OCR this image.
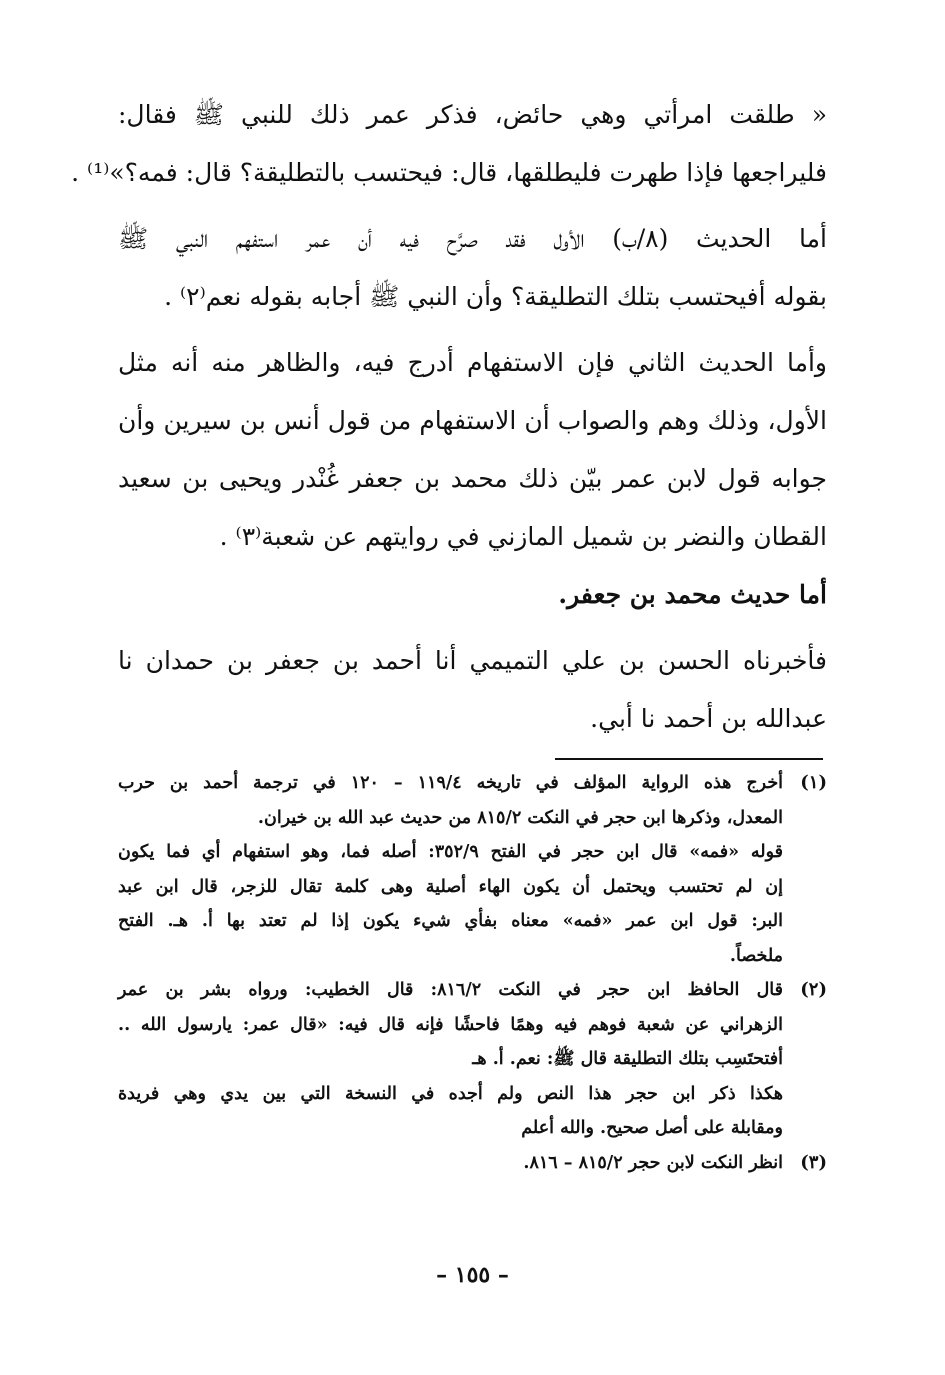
« طلقت امرأتي وهي حائض، فذكر عمر ذلك للنبي ﷺ فقال:

فليراجعها فإذا طهرت فليطلقها، قال: فيحتسب بالتطليقة؟ قال: فمه؟»⁽¹⁾ .

أما الحديث (٨/ب) الأول فقد صرَّح فيه أن عمر استفهم النبي ﷺ

بقوله أفيحتسب بتلك التطليقة؟ وأن النبي ﷺ أجابه بقوله نعم⁽٢⁾ .

وأما الحديث الثاني فإن الاستفهام أدرج فيه، والظاهر منه أنه مثل

الأول، وذلك وهم والصواب أن الاستفهام من قول أنس بن سيرين وأن

جوابه قول لابن عمر بيّن ذلك محمد بن جعفر غُنْدر ويحيى بن سعيد

القطان والنضر بن شميل المازني في روايتهم عن شعبة⁽٣⁾ .

أما حديث محمد بن جعفر.

فأخبرناه الحسن بن علي التميمي أنا أحمد بن جعفر بن حمدان نا

عبدالله بن أحمد نا أبي.

(١)

أخرج هذه الرواية المؤلف في تاريخه ١١٩/٤ – ١٢٠ في ترجمة أحمد بن حرب

المعدل، وذكرها ابن حجر في النكت ٨١٥/٢ من حديث عبد الله بن خيران.

قوله «فمه» قال ابن حجر في الفتح ٣٥٢/٩: أصله فما، وهو استفهام أي فما يكون

إن لم تحتسب ويحتمل أن يكون الهاء أصلية وهى كلمة تقال للزجر، قال ابن عبد

البر: قول ابن عمر «فمه» معناه بفأي شيء يكون إذا لم تعتد بها أ. هـ. الفتح

ملخصاً.

(٢)

قال الحافظ ابن حجر في النكت ٨١٦/٢: قال الخطيب: ورواه بشر بن عمر

الزهراني عن شعبة فوهم فيه وهمًا فاحشًا فإنه قال فيه: «قال عمر: يارسول الله ..

أفتحتَسِب بتلك التطليقة قال ﷺ: نعم. أ. هـ

هكذا ذكر ابن حجر هذا النص ولم أجده في النسخة التي بين يدي وهي فريدة

ومقابلة على أصل صحيح. والله أعلم

(٣)

انظر النكت لابن حجر ٨١٥/٢ – ٨١٦.

– ١٥٥ –
